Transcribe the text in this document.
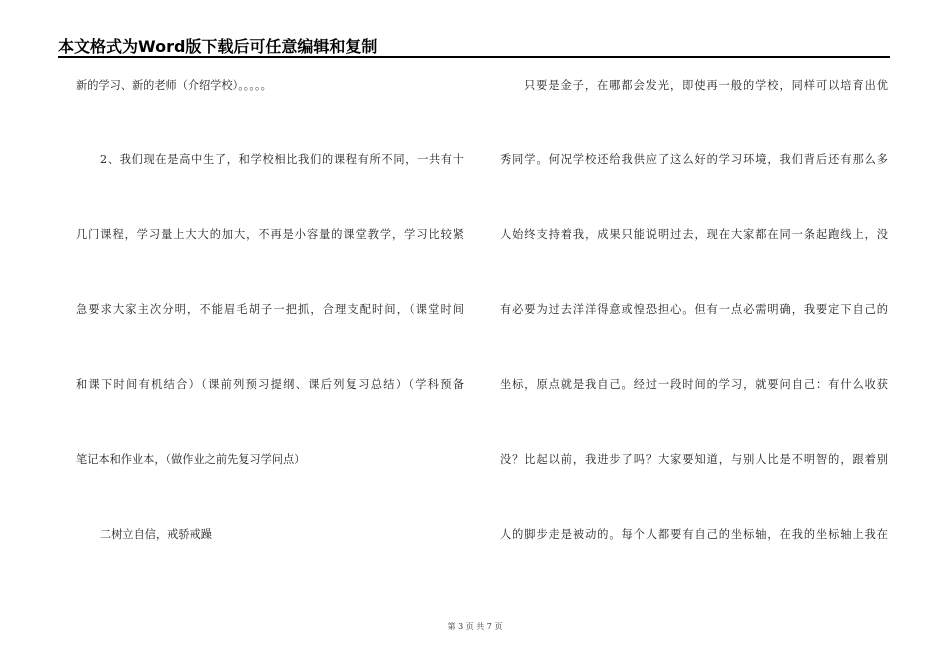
本文格式为Word版下载后可任意编辑和复制
新的学习、新的老师（介绍学校）。。。。。
2、我们现在是高中生了，和学校相比我们的课程有所不同，一共有十
几门课程，学习量上大大的加大，不再是小容量的课堂教学，学习比较紧
急要求大家主次分明，不能眉毛胡子一把抓，合理支配时间，（课堂时间
和课下时间有机结合）（课前列预习提纲、课后列复习总结）（学科预备
笔记本和作业本，（做作业之前先复习学问点）
二树立自信，戒骄戒躁
只要是金子，在哪都会发光，即使再一般的学校，同样可以培育出优
秀同学。何况学校还给我供应了这么好的学习环境，我们背后还有那么多
人始终支持着我，成果只能说明过去，现在大家都在同一条起跑线上，没
有必要为过去洋洋得意或惶恐担心。但有一点必需明确，我要定下自己的
坐标，原点就是我自己。经过一段时间的学习，就要问自己：有什么收获
没？比起以前，我进步了吗？大家要知道，与别人比是不明智的，跟着别
人的脚步走是被动的。每个人都要有自己的坐标轴，在我的坐标轴上我在
第 3 页 共 7 页
